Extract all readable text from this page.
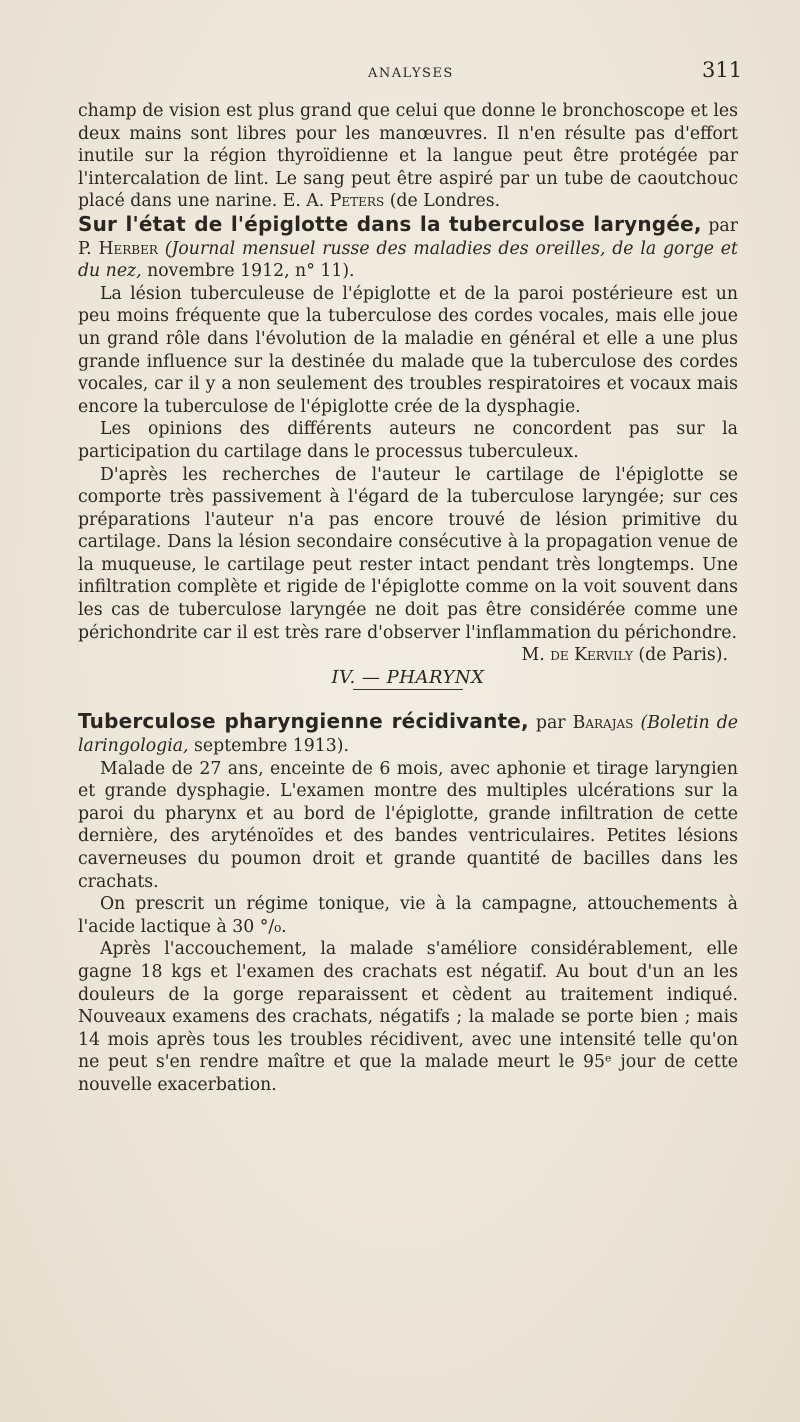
ANALYSES	311

champ de vision est plus grand que celui que donne le bronchoscope et les deux mains sont libres pour les manœuvres. Il n'en résulte pas d'effort inutile sur la région thyroïdienne et la langue peut être protégée par l'intercalation de lint. Le sang peut être aspiré par un tube de caoutchouc placé dans une narine. E. A. Peters (de Londres.

Sur l'état de l'épiglotte dans la tuberculose laryngée, par P. Herber (Journal mensuel russe des maladies des oreilles, de la gorge et du nez, novembre 1912, n° 11).

La lésion tuberculeuse de l'épiglotte et de la paroi postérieure est un peu moins fréquente que la tuberculose des cordes vocales, mais elle joue un grand rôle dans l'évolution de la maladie en général et elle a une plus grande influence sur la destinée du malade que la tuberculose des cordes vocales, car il y a non seulement des troubles respiratoires et vocaux mais encore la tuberculose de l'épiglotte crée de la dysphagie.

Les opinions des différents auteurs ne concordent pas sur la participation du cartilage dans le processus tuberculeux.

D'après les recherches de l'auteur le cartilage de l'épiglotte se comporte très passivement à l'égard de la tuberculose laryngée; sur ces préparations l'auteur n'a pas encore trouvé de lésion primitive du cartilage. Dans la lésion secondaire consécutive à la propagation venue de la muqueuse, le cartilage peut rester intact pendant très longtemps. Une infiltration complète et rigide de l'épiglotte comme on la voit souvent dans les cas de tuberculose laryngée ne doit pas être considérée comme une périchondrite car il est très rare d'observer l'inflammation du périchondre.

M. de Kervily (de Paris).

IV. — PHARYNX

Tuberculose pharyngienne récidivante, par Barajas (Boletin de laringologia, septembre 1913).

Malade de 27 ans, enceinte de 6 mois, avec aphonie et tirage laryngien et grande dysphagie. L'examen montre des multiples ulcérations sur la paroi du pharynx et au bord de l'épiglotte, grande infiltration de cette dernière, des aryténoïdes et des bandes ventriculaires. Petites lésions caverneuses du poumon droit et grande quantité de bacilles dans les crachats.

On prescrit un régime tonique, vie à la campagne, attouchements à l'acide lactique à 30 °/₀.

Après l'accouchement, la malade s'améliore considérablement, elle gagne 18 kgs et l'examen des crachats est négatif. Au bout d'un an les douleurs de la gorge reparaissent et cèdent au traitement indiqué. Nouveaux examens des crachats, négatifs ; la malade se porte bien ; mais 14 mois après tous les troubles récidivent, avec une intensité telle qu'on ne peut s'en rendre maître et que la malade meurt le 95ᵉ jour de cette nouvelle exacerbation.
